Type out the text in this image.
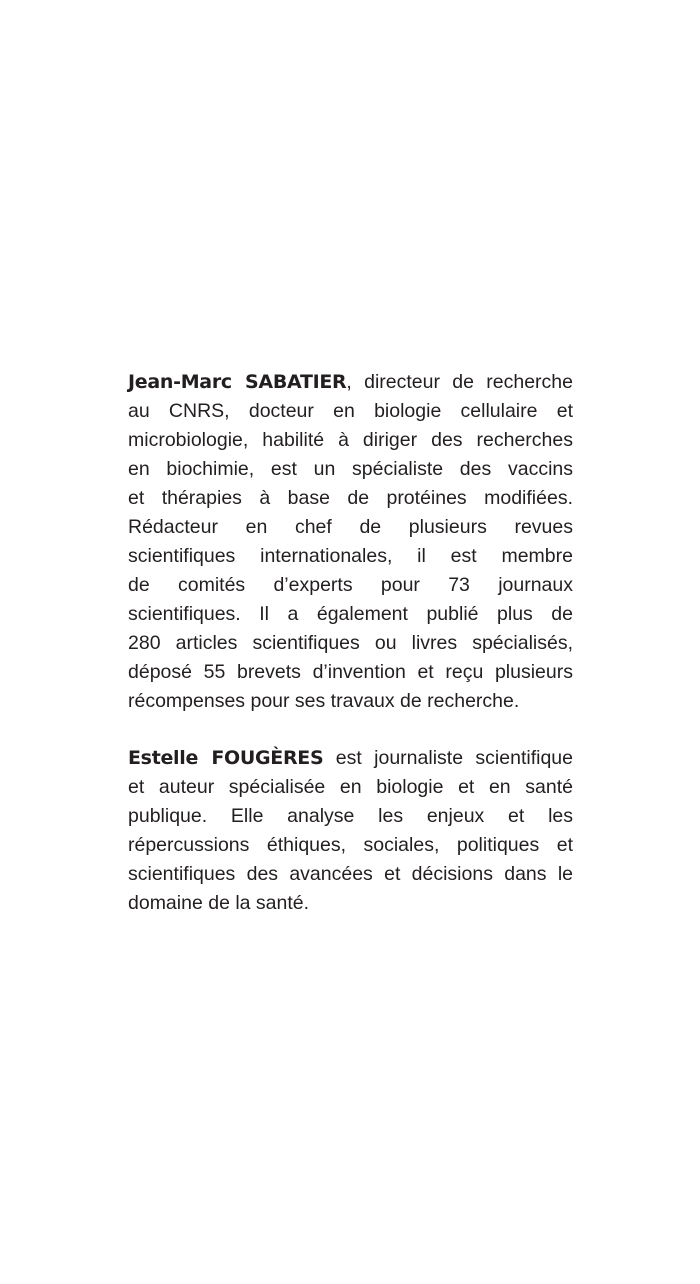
Jean-Marc SABATIER, directeur de recherche
au CNRS, docteur en biologie cellulaire et
microbiologie, habilité à diriger des recherches
en biochimie, est un spécialiste des vaccins
et thérapies à base de protéines modifiées.
Rédacteur en chef de plusieurs revues
scientifiques internationales, il est membre
de comités d’experts pour 73 journaux
scientifiques. Il a également publié plus de
280 articles scientifiques ou livres spécialisés,
déposé 55 brevets d’invention et reçu plusieurs
récompenses pour ses travaux de recherche.
Estelle FOUGÈRES est journaliste scientifique
et auteur spécialisée en biologie et en santé
publique. Elle analyse les enjeux et les
répercussions éthiques, sociales, politiques et
scientifiques des avancées et décisions dans le
domaine de la santé.
